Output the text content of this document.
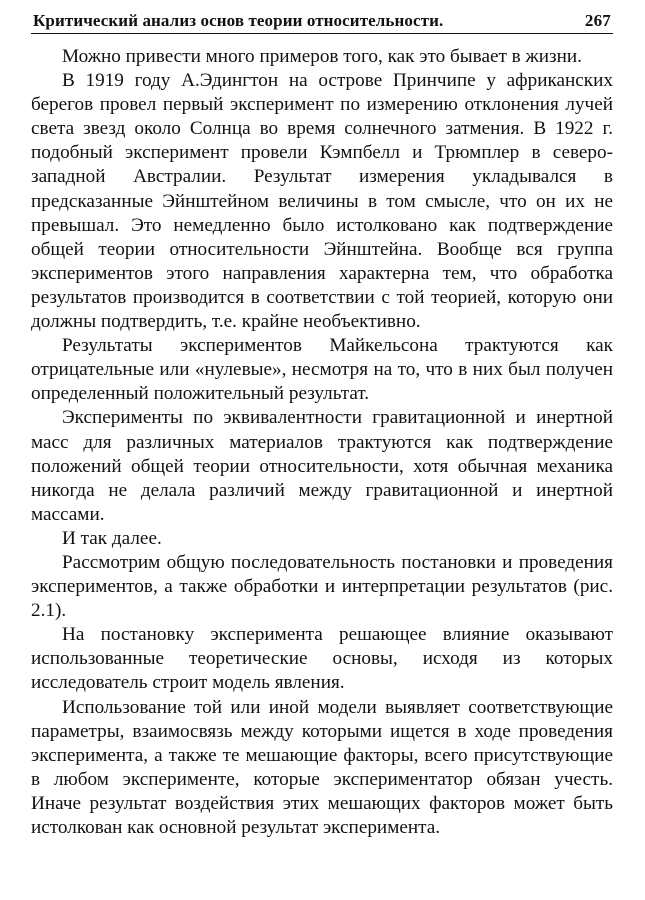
Критический анализ основ теории относительности.	267

Можно привести много примеров того, как это бывает в жизни.

В 1919 году А.Эдингтон на острове Принчипе у африканских берегов провел первый эксперимент по измерению отклонения лучей света звезд около Солнца во время солнечного затмения. В 1922 г. подобный эксперимент провели Кэмпбелл и Трюмплер в северо-западной Австралии. Результат измерения укладывался в предсказанные Эйнштейном величины в том смысле, что он их не превышал. Это немедленно было истолковано как подтверждение общей теории относительности Эйнштейна. Вообще вся группа экспериментов этого направления характерна тем, что обработка результатов производится в соответствии с той теорией, которую они должны подтвердить, т.е. крайне необъективно.

Результаты экспериментов Майкельсона трактуются как отрицательные или «нулевые», несмотря на то, что в них был получен определенный положительный результат.

Эксперименты по эквивалентности гравитационной и инертной масс для различных материалов трактуются как подтверждение положений общей теории относительности, хотя обычная механика никогда не делала различий между гравитационной и инертной массами.

И так далее.

Рассмотрим общую последовательность постановки и проведения экспериментов, а также обработки и интерпретации результатов (рис. 2.1).

На постановку эксперимента решающее влияние оказывают использованные теоретические основы, исходя из которых исследователь строит модель явления.

Использование той или иной модели выявляет соответствующие параметры, взаимосвязь между которыми ищется в ходе проведения эксперимента, а также те мешающие факторы, всего присутствующие в любом эксперименте, которые экспериментатор обязан учесть. Иначе результат воздействия этих мешающих факторов может быть истолкован как основной результат эксперимента.
